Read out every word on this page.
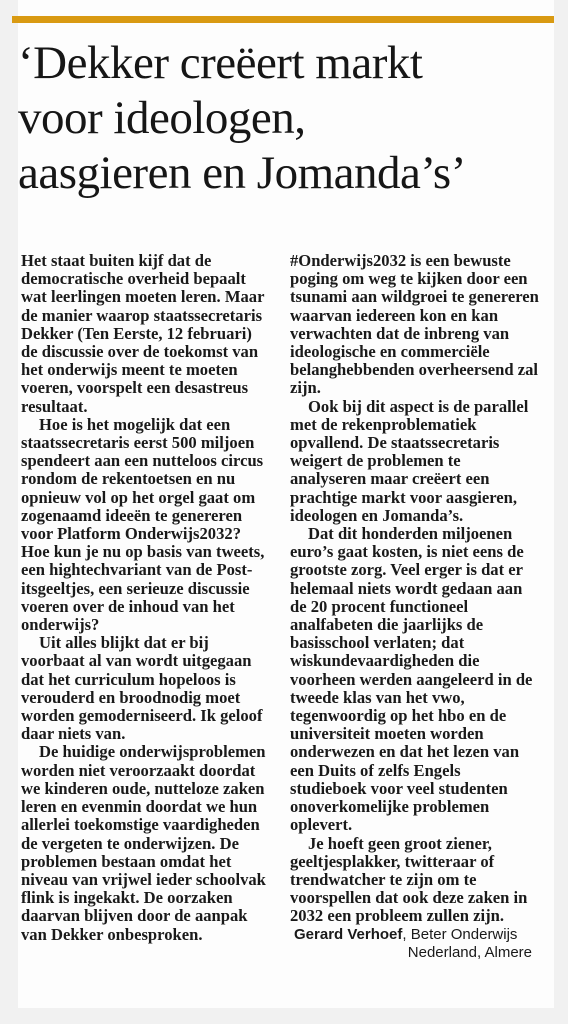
‘Dekker creëert markt
voor ideologen,
aasgieren en Jomanda’s’

Het staat buiten kijf dat de democratische overheid bepaalt wat leerlingen moeten leren. Maar de manier waarop staatssecretaris Dekker (Ten Eerste, 12 februari) de discussie over de toekomst van het onderwijs meent te moeten voeren, voorspelt een desastreus resultaat.

Hoe is het mogelijk dat een staatssecretaris eerst 500 miljoen spendeert aan een nutteloos circus rondom de rekentoetsen en nu opnieuw vol op het orgel gaat om zogenaamd ideeën te genereren voor Platform Onderwijs2032? Hoe kun je nu op basis van tweets, een hightechvariant van de Post-itsgeeltjes, een serieuze discussie voeren over de inhoud van het onderwijs?

Uit alles blijkt dat er bij voorbaat al van wordt uitgegaan dat het curriculum hopeloos is verouderd en broodnodig moet worden gemoderniseerd. Ik geloof daar niets van.

De huidige onderwijsproblemen worden niet veroorzaakt doordat we kinderen oude, nutteloze zaken leren en evenmin doordat we hun allerlei toekomstige vaardigheden de vergeten te onderwijzen. De problemen bestaan omdat het niveau van vrijwel ieder schoolvak flink is ingekakt. De oorzaken daarvan blijven door de aanpak van Dekker onbesproken.

#Onderwijs2032 is een bewuste poging om weg te kijken door een tsunami aan wildgroei te genereren waarvan iedereen kon en kan verwachten dat de inbreng van ideologische en commerciële belanghebbenden overheersend zal zijn.

Ook bij dit aspect is de parallel met de rekenproblematiek opvallend. De staatssecretaris weigert de problemen te analyseren maar creëert een prachtige markt voor aasgieren, ideologen en Jomanda’s.

Dat dit honderden miljoenen euro’s gaat kosten, is niet eens de grootste zorg. Veel erger is dat er helemaal niets wordt gedaan aan de 20 procent functioneel analfabeten die jaarlijks de basisschool verlaten; dat wiskundevaardigheden die voorheen werden aangeleerd in de tweede klas van het vwo, tegenwoordig op het hbo en de universiteit moeten worden onderwezen en dat het lezen van een Duits of zelfs Engels studieboek voor veel studenten onoverkomelijke problemen oplevert.

Je hoeft geen groot ziener, geeltjesplakker, twitteraar of trendwatcher te zijn om te voorspellen dat ook deze zaken in 2032 een probleem zullen zijn.

Gerard Verhoef, Beter Onderwijs
Nederland, Almere
